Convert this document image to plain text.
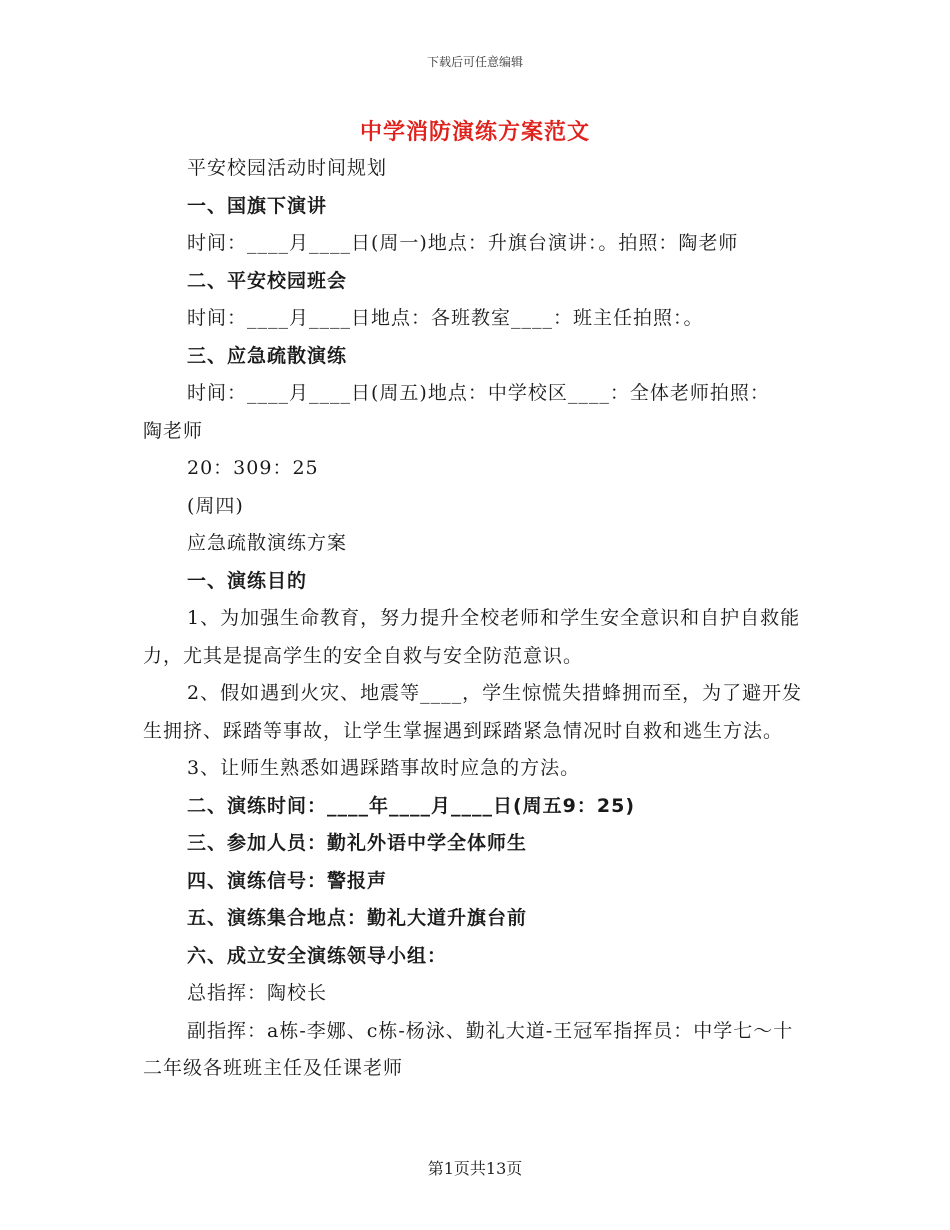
下载后可任意编辑
中学消防演练方案范文
平安校园活动时间规划
一、国旗下演讲
时间：____月____日(周一)地点：升旗台演讲：。拍照：陶老师
二、平安校园班会
时间：____月____日地点：各班教室____：班主任拍照：。
三、应急疏散演练
时间：____月____日(周五)地点：中学校区____：全体老师拍照：
陶老师
20：309：25
(周四)
应急疏散演练方案
一、演练目的

1、为加强生命教育，努力提升全校老师和学生安全意识和自护自救能力，尤其是提高学生的安全自救与安全防范意识。

2、假如遇到火灾、地震等____，学生惊慌失措蜂拥而至，为了避开发生拥挤、踩踏等事故，让学生掌握遇到踩踏紧急情况时自救和逃生方法。

3、让师生熟悉如遇踩踏事故时应急的方法。

二、演练时间：____年____月____日(周五9：25)
三、参加人员：勤礼外语中学全体师生
四、演练信号：警报声
五、演练集合地点：勤礼大道升旗台前
六、成立安全演练领导小组：
总指挥：陶校长

副指挥：a栋-李娜、c栋-杨泳、勤礼大道-王冠军指挥员：中学七～十二年级各班班主任及任课老师

第1页共13页
